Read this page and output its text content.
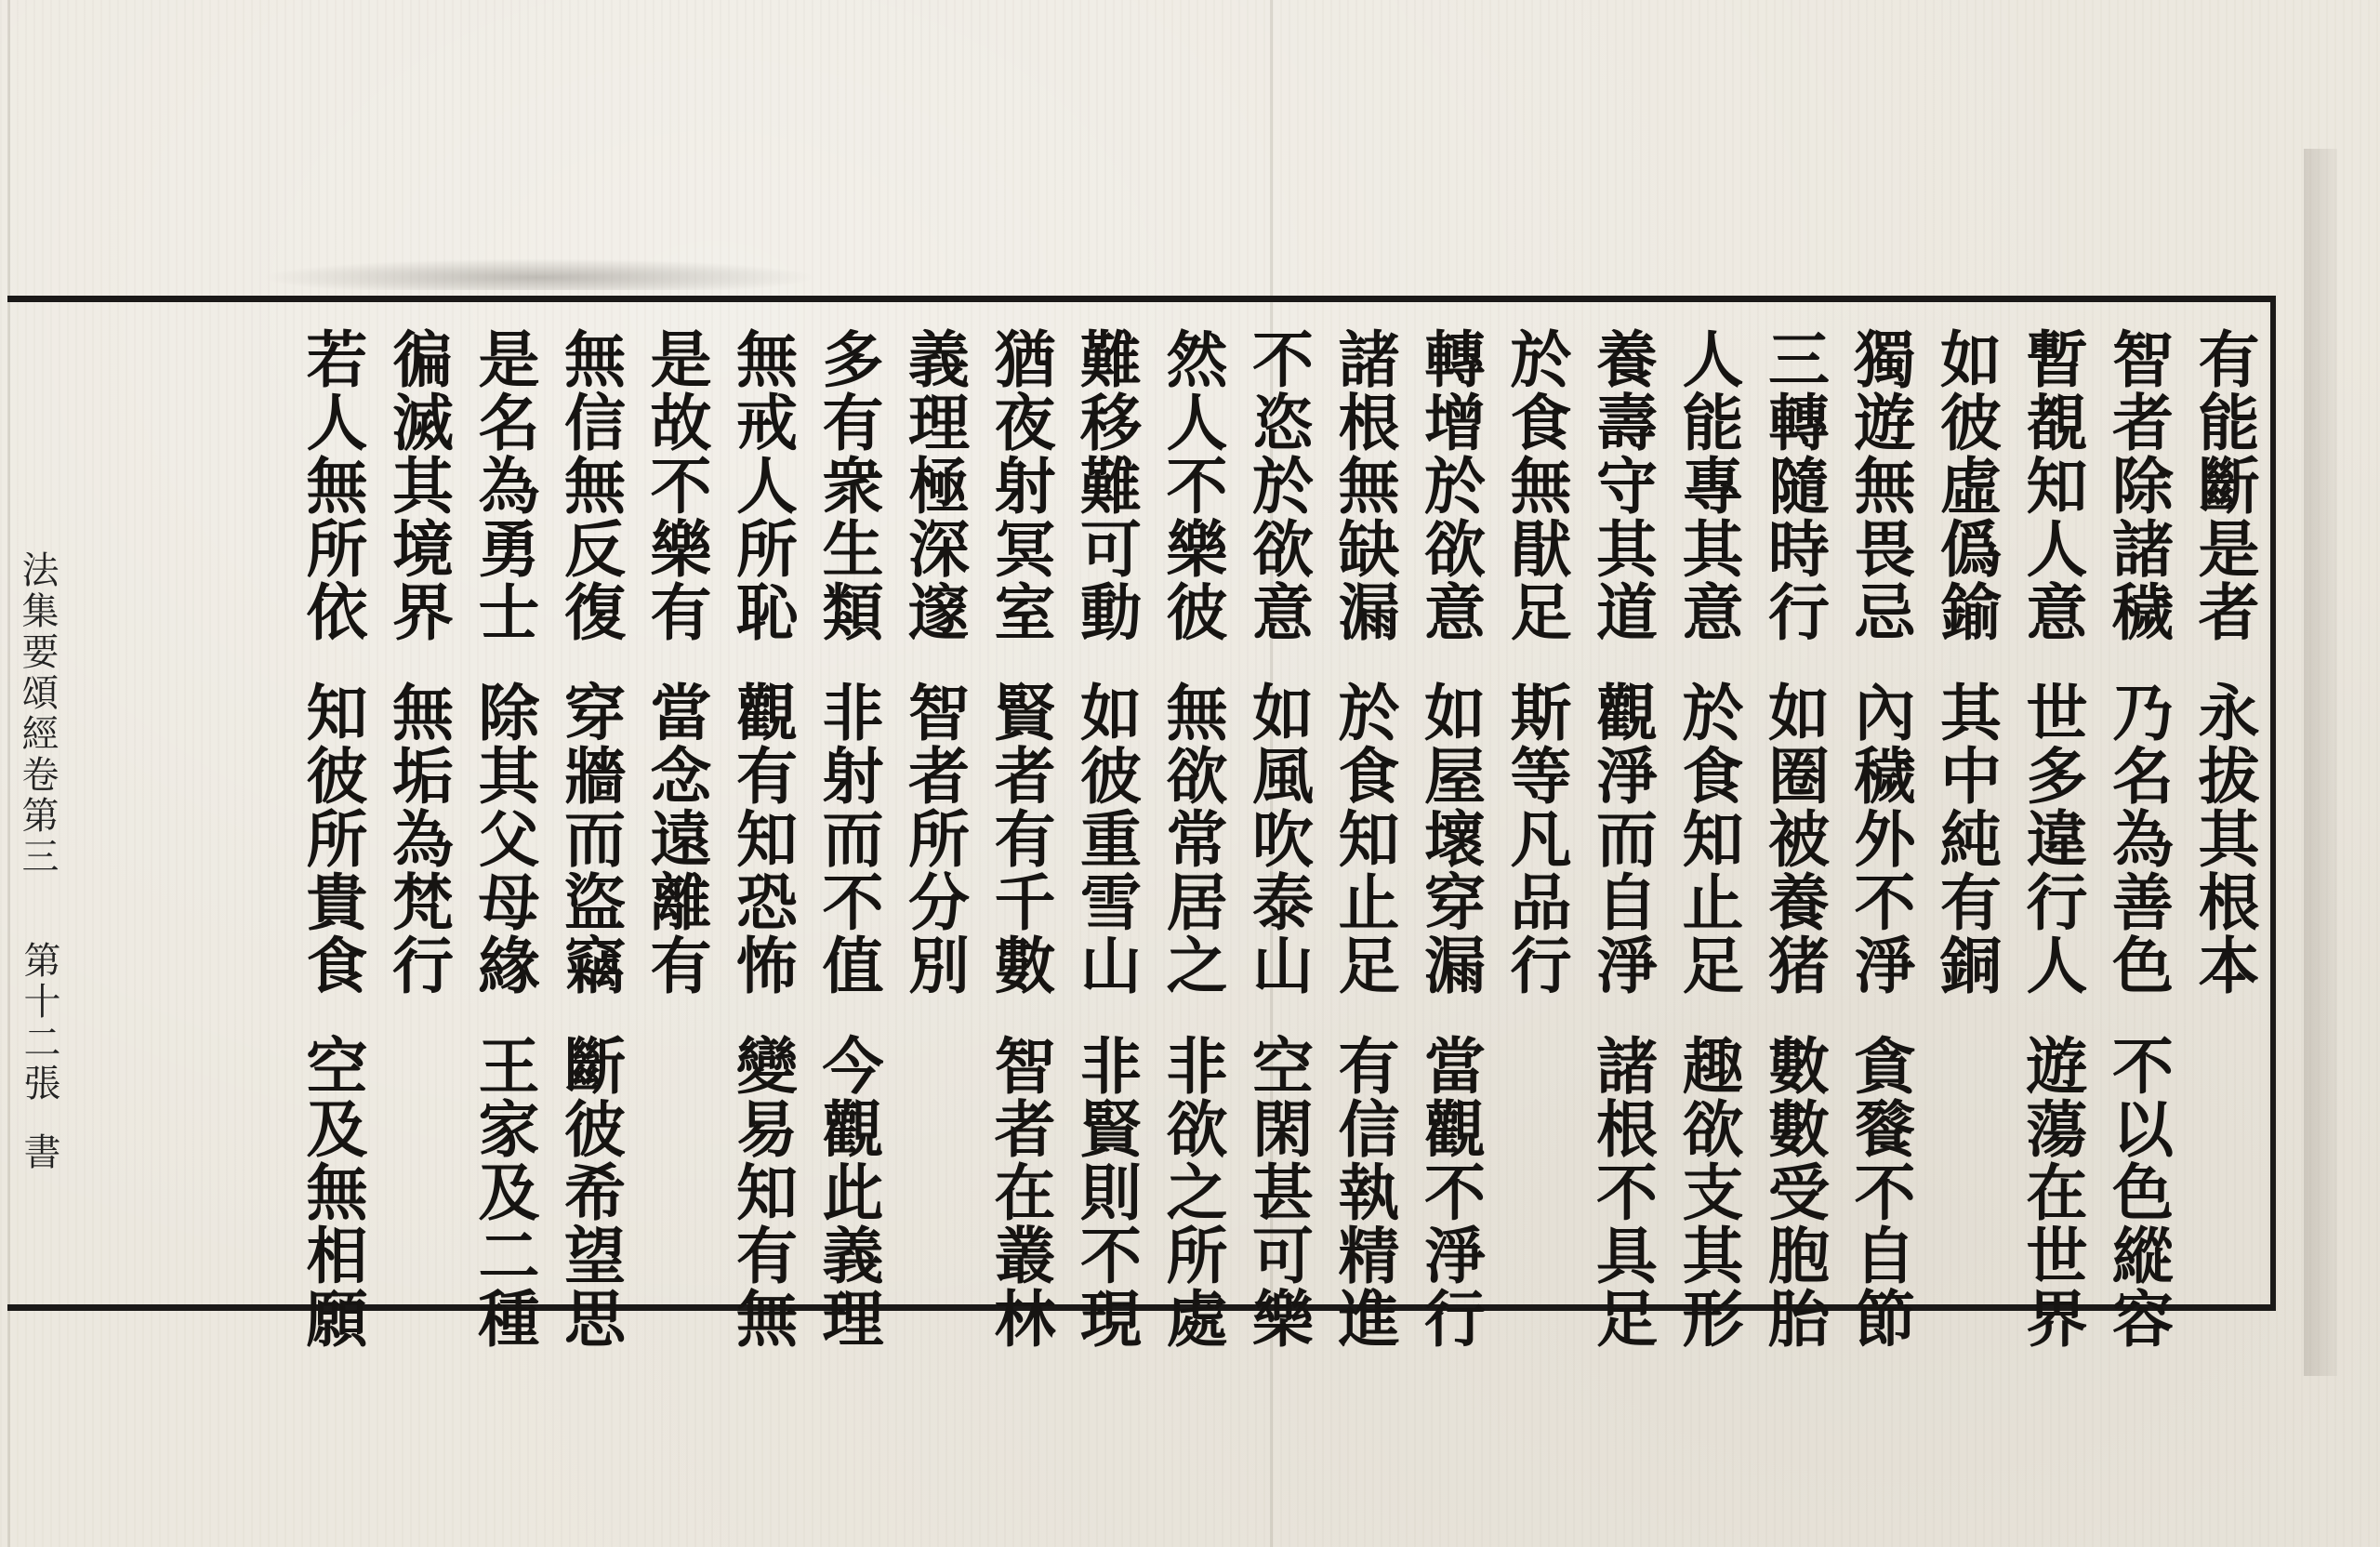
有能斷是者永拔其根本
智者除諸穢乃名為善色不以色縱容
暫覩知人意世多違行人遊蕩在世界
如彼虛僞鍮其中純有銅
獨遊無畏忌內穢外不淨貪餮不自節
三轉隨時行如圈被養猪數數受胞胎
人能專其意於食知止足趣欲支其形
養壽守其道觀淨而自淨諸根不具足
於食無猒足斯等凡品行
轉增於欲意如屋壞穿漏當觀不淨行
諸根無缺漏於食知止足有信執精進
不恣於欲意如風吹泰山空閑甚可樂
然人不樂彼無欲常居之非欲之所處
難移難可動如彼重雪山非賢則不現
猶夜射冥室賢者有千數智者在叢林
義理極深邃智者所分別
多有衆生類非射而不值今觀此義理
無戒人所恥觀有知恐怖變易知有無
是故不樂有當念遠離有
無信無反復穿牆而盜竊斷彼希望思
是名為勇士除其父母緣王家及二種
徧滅其境界無垢為梵行
若人無所依知彼所貴食空及無相願
法集要頌經卷第三
第十二張
書
